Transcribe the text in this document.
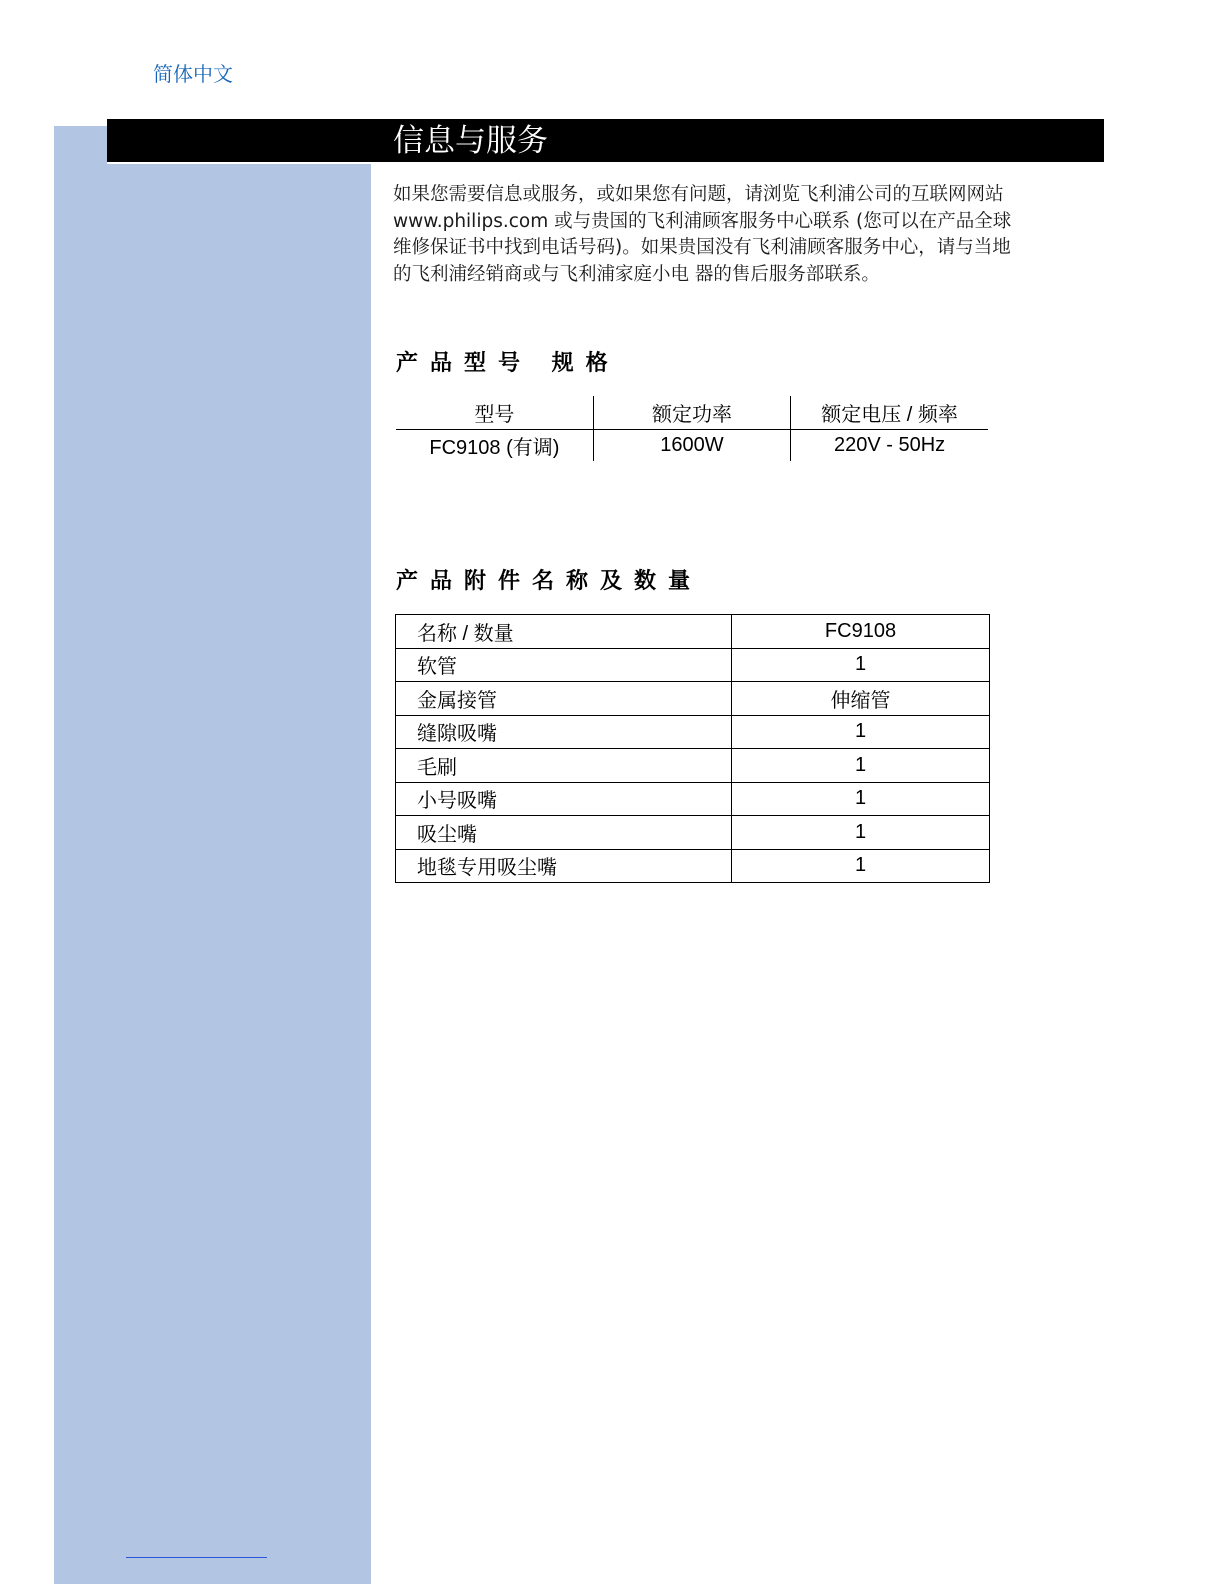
简体中文
信息与服务
如果您需要信息或服务，或如果您有问题，请浏览飞利浦公司的互联网网站
www.philips.com 或与贵国的飞利浦顾客服务中心联系 (您可以在产品全球
维修保证书中找到电话号码)。如果贵国没有飞利浦顾客服务中心，请与当地
的飞利浦经销商或与飞利浦家庭小电 器的售后服务部联系。
产品型号 规格
型号	额定功率	额定电压 / 频率
FC9108 (有调)	1600W	220V - 50Hz
产品附件名称及数量
名称 / 数量	FC9108
软管	1
金属接管	伸缩管
缝隙吸嘴	1
毛刷	1
小号吸嘴	1
吸尘嘴	1
地毯专用吸尘嘴	1
